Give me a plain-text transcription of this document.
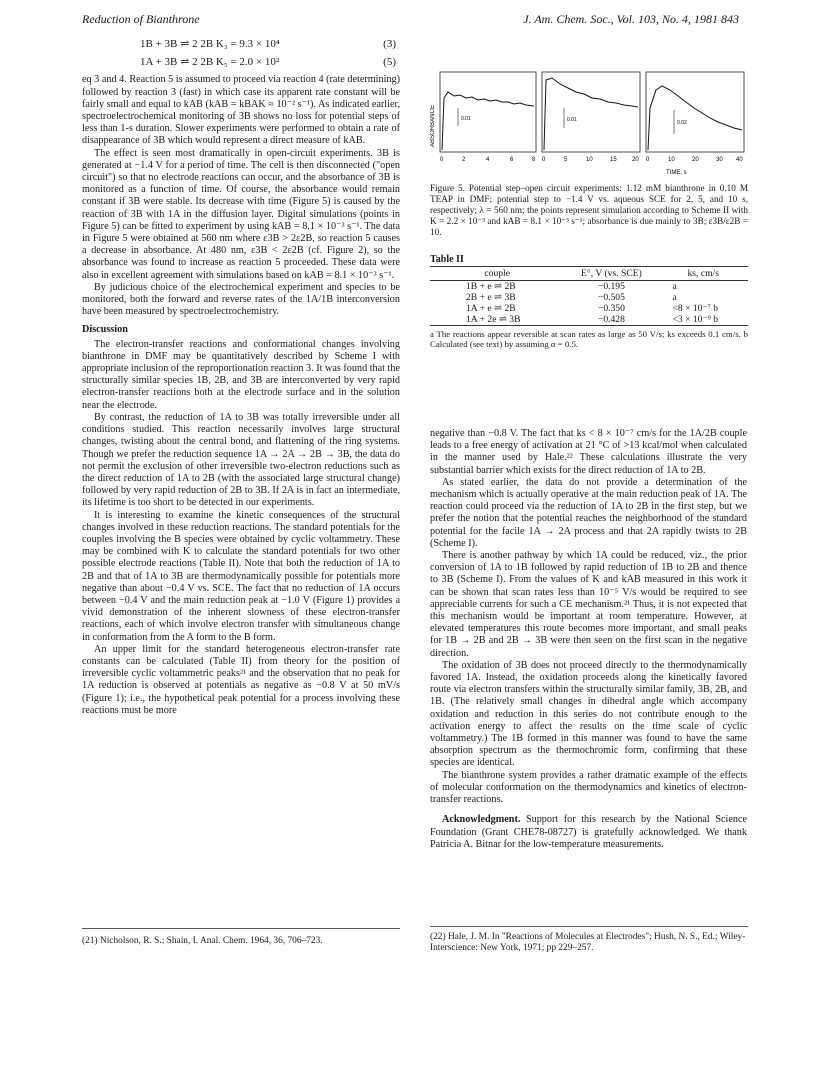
Reduction of Bianthrone	J. Am. Chem. Soc., Vol. 103, No. 4, 1981 843
1B + 3B ⇌ 2 2B K₃ = 9.3 × 10⁴	(3)
1A + 3B ⇌ 2 2B K₅ = 2.0 × 10²	(5)

eq 3 and 4. Reaction 5 is assumed to proceed via reaction 4 (rate determining) followed by reaction 3 (fast) in which case its apparent rate constant will be fairly small and equal to kAB (kAB = kBAK ≈ 10⁻² s⁻¹). As indicated earlier, spectroelectrochemical monitoring of 3B shows no loss for potential steps of less than 1-s duration. Slower experiments were performed to obtain a rate of disappearance of 3B which would represent a direct measure of kAB.

The effect is seen most dramatically in open-circuit experiments. 3B is generated at −1.4 V for a period of time. The cell is then disconnected ("open circuit") so that no electrode reactions can occur, and the absorbance of 3B is monitored as a function of time. Of course, the absorbance would remain constant if 3B were stable. Its decrease with time (Figure 5) is caused by the reaction of 3B with 1A in the diffusion layer. Digital simulations (points in Figure 5) can be fitted to experiment by using kAB = 8.1 × 10⁻³ s⁻¹. The data in Figure 5 were obtained at 560 nm where ε3B > 2ε2B, so reaction 5 causes a decrease in absorbance. At 480 nm, ε3B < 2ε2B (cf. Figure 2), so the absorbance was found to increase as reaction 5 proceeded. These data were also in excellent agreement with simulations based on kAB = 8.1 × 10⁻³ s⁻¹.

By judicious choice of the electrochemical experiment and species to be monitored, both the forward and reverse rates of the 1A/1B interconversion have been measured by spectroelectrochemistry.

Discussion

The electron-transfer reactions and conformational changes involving bianthrone in DMF may be quantitatively described by Scheme I with appropriate inclusion of the reproportionation reaction 3. It was found that the structurally similar species 1B, 2B, and 3B are interconverted by very rapid electron-transfer reactions both at the electrode surface and in the solution near the electrode.

By contrast, the reduction of 1A to 3B was totally irreversible under all conditions studied. This reaction necessarily involves large structural changes, twisting about the central bond, and flattening of the ring systems. Though we prefer the reduction sequence 1A → 2A → 2B → 3B, the data do not permit the exclusion of other irreversible two-electron reductions such as the direct reduction of 1A to 2B (with the associated large structural change) followed by very rapid reduction of 2B to 3B. If 2A is in fact an intermediate, its lifetime is too short to be detected in our experiments.

It is interesting to examine the kinetic consequences of the structural changes involved in these reduction reactions. The standard potentials for the couples involving the B species were obtained by cyclic voltammetry. These may be combined with K to calculate the standard potentials for two other possible electrode reactions (Table II). Note that both the reduction of 1A to 2B and that of 1A to 3B are thermodynamically possible for potentials more negative than about −0.4 V vs. SCE. The fact that no reduction of 1A occurs between −0.4 V and the main reduction peak at −1.0 V (Figure 1) provides a vivid demonstration of the inherent slowness of these electron-transfer reactions, each of which involve electron transfer with simultaneous change in conformation from the A form to the B form.

An upper limit for the standard heterogeneous electron-transfer rate constants can be calculated (Table II) from theory for the position of irreversible cyclic voltammetric peaks²¹ and the observation that no peak for 1A reduction is observed at potentials as negative as −0.8 V at 50 mV/s (Figure 1); i.e., the hypothetical peak potential for a process involving these reactions must be more

(21) Nicholson, R. S.; Shain, I. Anal. Chem. 1964, 36, 706–723.
ABSORBANCE	0.01
0	2	4	6	8
0.01
0	5	10	15	20
0.02
0	10	20	30 40
TIME, s
Figure 5. Potential step–open circuit experiments: 1.12 mM bianthrone in 0.10 M TEAP in DMF; potential step to −1.4 V vs. aqueous SCE for 2, 5, and 10 s, respectively; λ = 560 nm; the points represent simulation according to Scheme II with K = 2.2 × 10⁻³ and kAB = 8.1 × 10⁻³ s⁻¹; absorbance is due mainly to 3B; ε3B/ε2B = 10.
Table II
couple	E°, V (vs. SCE)	ks, cm/s
1B + e ⇌ 2B	−0.195	a
2B + e ⇌ 3B	−0.505	a
1A + e ⇌ 2B	−0.350	<8 × 10⁻⁷ b
1A + 2e ⇌ 3B	−0.428	<3 × 10⁻⁹ b
a The reactions appear reversible at scan rates as large as 50 V/s; ks exceeds 0.1 cm/s. b Calculated (see text) by assuming α = 0.5.

negative than −0.8 V. The fact that ks < 8 × 10⁻⁷ cm/s for the 1A/2B couple leads to a free energy of activation at 21 °C of >13 kcal/mol when calculated in the manner used by Hale.²² These calculations illustrate the very substantial barrier which exists for the direct reduction of 1A to 2B.

As stated earlier, the data do not provide a determination of the mechanism which is actually operative at the main reduction peak of 1A. The reaction could proceed via the reduction of 1A to 2B in the first step, but we prefer the notion that the potential reaches the neighborhood of the standard potential for the facile 1A → 2A process and that 2A rapidly twists to 2B (Scheme I).

There is another pathway by which 1A could be reduced, viz., the prior conversion of 1A to 1B followed by rapid reduction of 1B to 2B and thence to 3B (Scheme I). From the values of K and kAB measured in this work it can be shown that scan rates less than 10⁻⁵ V/s would be required to see appreciable currents for such a CE mechanism.²¹ Thus, it is not expected that this mechanism would be important at room temperature. However, at elevated temperatures this route becomes more important, and small peaks for 1B → 2B and 2B → 3B were then seen on the first scan in the negative direction.

The oxidation of 3B does not proceed directly to the thermodynamically favored 1A. Instead, the oxidation proceeds along the kinetically favored route via electron transfers within the structurally similar family, 3B, 2B, and 1B. (The relatively small changes in dihedral angle which accompany oxidation and reduction in this series do not contribute enough to the activation energy to affect the results on the time scale of cyclic voltammetry.) The 1B formed in this manner was found to have the same absorption spectrum as the thermochromic form, confirming that these species are identical.

The bianthrone system provides a rather dramatic example of the effects of molecular conformation on the thermodynamics and kinetics of electron-transfer reactions.

Acknowledgment. Support for this research by the National Science Foundation (Grant CHE78-08727) is gratefully acknowledged. We thank Patricia A. Bitnar for the low-temperature measurements.

(22) Hale, J. M. In "Reactions of Molecules at Electrodes"; Hush, N. S., Ed.; Wiley-Interscience: New York, 1971; pp 229–257.
